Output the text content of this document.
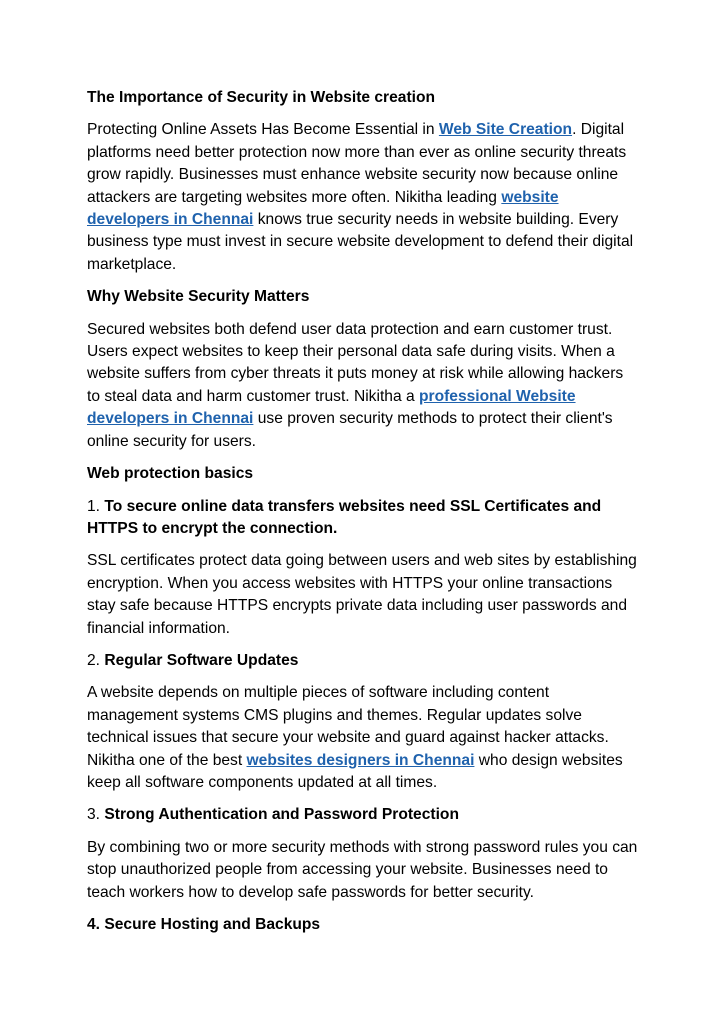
The Importance of Security in Website creation

Protecting Online Assets Has Become Essential in Web Site Creation. Digital platforms need better protection now more than ever as online security threats grow rapidly. Businesses must enhance website security now because online attackers are targeting websites more often. Nikitha leading website developers in Chennai knows true security needs in website building. Every business type must invest in secure website development to defend their digital marketplace.

Why Website Security Matters

Secured websites both defend user data protection and earn customer trust. Users expect websites to keep their personal data safe during visits. When a website suffers from cyber threats it puts money at risk while allowing hackers to steal data and harm customer trust. Nikitha a professional Website developers in Chennai use proven security methods to protect their client's online security for users.

Web protection basics

1. To secure online data transfers websites need SSL Certificates and HTTPS to encrypt the connection.

SSL certificates protect data going between users and web sites by establishing encryption. When you access websites with HTTPS your online transactions stay safe because HTTPS encrypts private data including user passwords and financial information.

2. Regular Software Updates

A website depends on multiple pieces of software including content management systems CMS plugins and themes. Regular updates solve technical issues that secure your website and guard against hacker attacks. Nikitha one of the best websites designers in Chennai who design websites keep all software components updated at all times.

3. Strong Authentication and Password Protection

By combining two or more security methods with strong password rules you can stop unauthorized people from accessing your website. Businesses need to teach workers how to develop safe passwords for better security.

4. Secure Hosting and Backups
